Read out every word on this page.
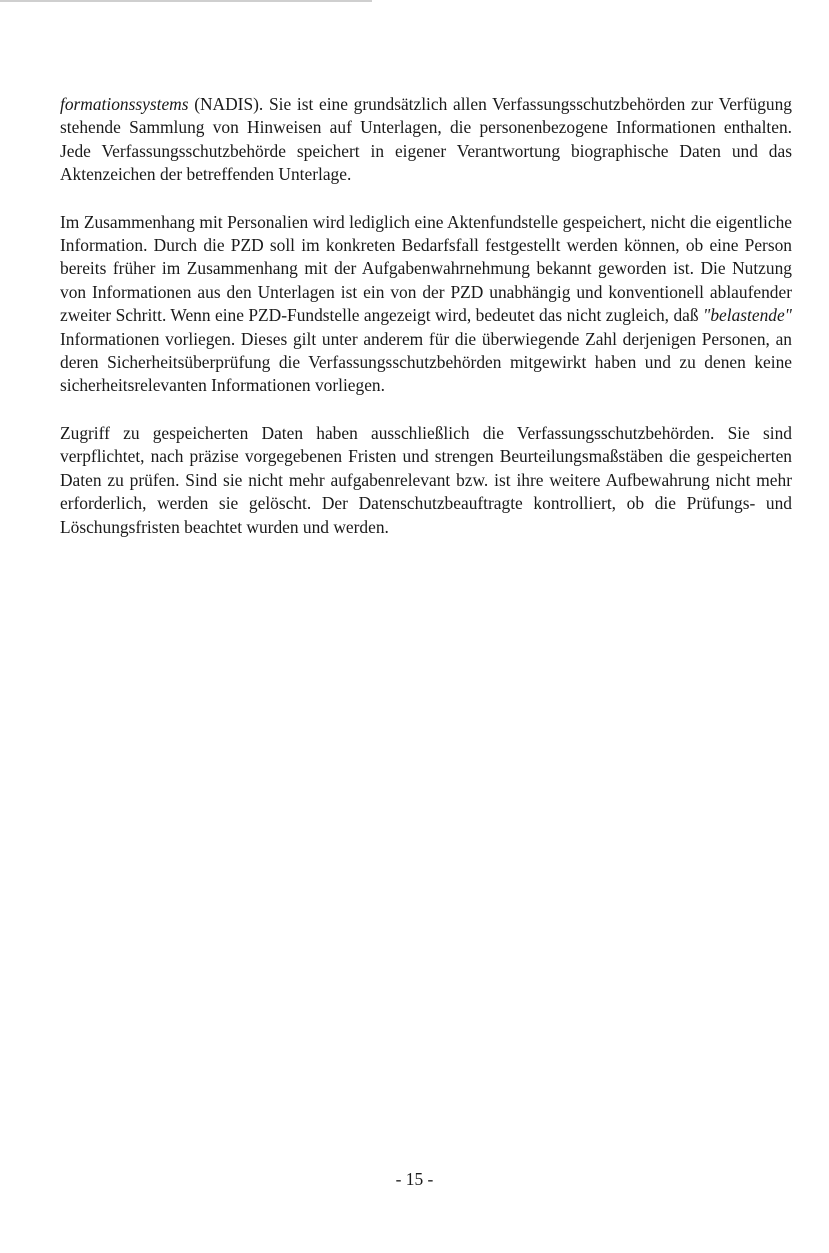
formationssystems (NADIS). Sie ist eine grundsätzlich allen Verfassungsschutzbehörden zur Verfügung stehende Sammlung von Hinweisen auf Unterlagen, die personenbezogene Informationen enthalten. Jede Verfassungsschutzbehörde speichert in eigener Verantwortung biographische Daten und das Aktenzeichen der betreffenden Unterlage.

Im Zusammenhang mit Personalien wird lediglich eine Aktenfundstelle gespeichert, nicht die eigentliche Information. Durch die PZD soll im konkreten Bedarfsfall festgestellt werden können, ob eine Person bereits früher im Zusammenhang mit der Aufgabenwahrnehmung bekannt geworden ist. Die Nutzung von Informationen aus den Unterlagen ist ein von der PZD unabhängig und konventionell ablaufender zweiter Schritt. Wenn eine PZD-Fundstelle angezeigt wird, bedeutet das nicht zugleich, daß "belastende" Informationen vorliegen. Dieses gilt unter anderem für die überwiegende Zahl derjenigen Personen, an deren Sicherheitsüberprüfung die Verfassungsschutzbehörden mitgewirkt haben und zu denen keine sicherheitsrelevanten Informationen vorliegen.

Zugriff zu gespeicherten Daten haben ausschließlich die Verfassungsschutzbehörden. Sie sind verpflichtet, nach präzise vorgegebenen Fristen und strengen Beurteilungsmaßstäben die gespeicherten Daten zu prüfen. Sind sie nicht mehr aufgabenrelevant bzw. ist ihre weitere Aufbewahrung nicht mehr erforderlich, werden sie gelöscht. Der Datenschutzbeauftragte kontrolliert, ob die Prüfungs- und Löschungsfristen beachtet wurden und werden.

- 15 -
